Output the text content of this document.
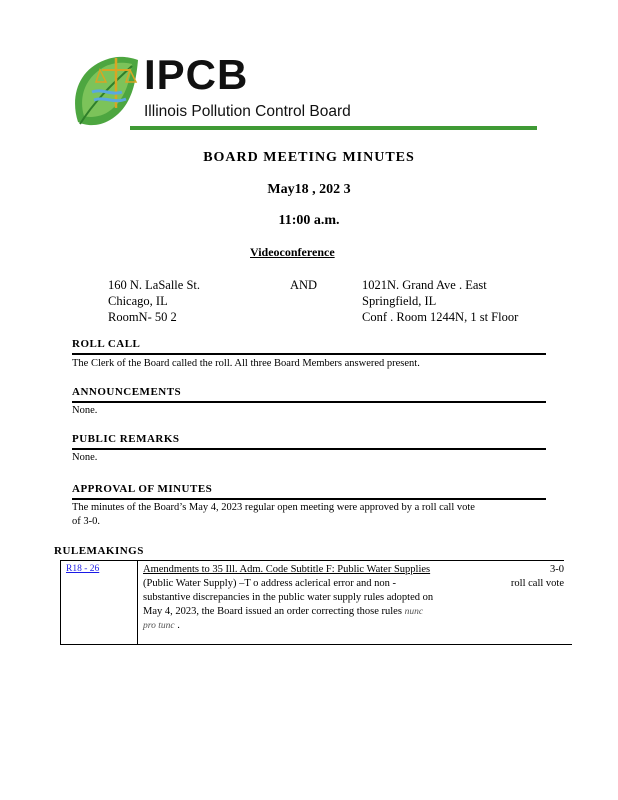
IPCB
Illinois Pollution Control Board
BOARD MEETING MINUTES
May18 , 202 3
11:00 a.m.
Videoconference
160 N. LaSalle St.
Chicago, IL
RoomN- 50 2
AND	1021N. Grand Ave . East
Springfield, IL
Conf . Room 1244N, 1 st Floor
ROLL CALL
The Clerk of the Board called the roll. All three Board Members answered present.
ANNOUNCEMENTS
None.
PUBLIC REMARKS
None.
APPROVAL OF MINUTES
The minutes of the Board’s May 4, 2023 regular open meeting were approved by a roll call vote
of 3-0.
RULEMAKINGS
R18 - 26	Amendments to 35 Ill. Adm. Code Subtitle F: Public Water Supplies
(Public Water Supply) –T o address aclerical error and non -
substantive discrepancies in the public water supply rules adopted on
May 4, 2023, the Board issued an order correcting those rules nunc
pro tunc .
3-0
roll call vote
